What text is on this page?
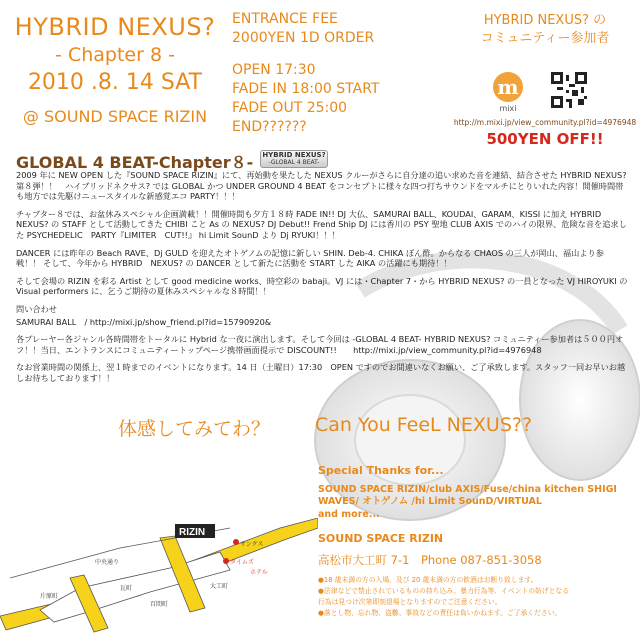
HYBRID NEXUS?
- Chapter 8 -
2010 .8. 14 SAT
@ SOUND SPACE RIZIN
ENTRANCE FEE
2000YEN 1D ORDER
OPEN 17:30
FADE IN 18:00 START
FADE OUT 25:00 END??????
HYBRID NEXUS? の
コミュニティー参加者
m
mixi
http://m.mixi.jp/view_community.pl?id=4976948
500YEN OFF!!
GLOBAL 4 BEAT-Chapter８- HYBRID NEXUS?
-GLOBAL 4 BEAT-

2009 年に NEW OPEN した『SOUND SPACE RIZIN』にて、再始動を果たした NEXUS クルーがさらに自分達の追い求めた音を連結、結合させた HYBRID NEXUS? 第８弾！！　ハイブリッドネクサス? では GLOBAL かつ UNDER GROUND 4 BEAT をコンセプトに様々な四つ打ちサウンドをマルチにとりいれた内容！開催時間帯も地方では先駆けニュースタイルな新感覚エコ PARTY！！！

チャプター８では、お盆休みスペシャル企画満載！！開催時間も夕方１８時 FADE IN!! DJ 大仏、SAMURAI BALL、KOUDAI、GARAM、KISSI に加え HYBRID NEXUS? の STAFF として活動してきた CHIBI こと As の NEXUS? DJ Debut!! Frend Ship DJ には香川の PSY 聖地 CLUB AXIS でのハイの限界、危険な音を追求した PSYCHEDELIC　PARTY『LIMITER　CUT!!』 hi Limit SounD より Dj RYUKI！！！

DANCER には昨年の Beach RAVE、Dj GULD を迎えたオトゲノムの記憶に新しい SHIN. Deb-4. CHIKA ぽん酢。からなる CHAOS の三人が岡山、福山より参戦！！ そして、今年から HYBRID　NEXUS? の DANCER として新たに活動を START した AIKA の活躍にも期待！！

そして会場の RIZIN を彩る Artist として good medicine works、時空彩の babaji。VJ には・Chapter 7・から HYBRID NEXUS? の一員となった VJ HIROYUKI の Visual performers に、乞うご期待の夏休みスペシャルな８時間！！

問い合わせ

SAMURAI BALL　/ http://mixi.jp/show_friend.pl?id=15790920&

各プレーヤー各ジャンル各時間帯をトータルに Hybrid な一夜に演出します。そして今回は -GLOBAL 4 BEAT- HYBRID NEXUS? コミュニティー参加者は５００円オフ！！当日、エントランスにコミュニティートップページ携帯画面提示で DISCOUNT!!　　http://mixi.jp/view_community.pl?id=4976948

なお営業時間の関係上、翌１時までのイベントになります。14 日（土曜日）17:30　OPEN ですのでお間違いなくお願い、ご了承致します。スタッフ一同お早いお越しお待ちしております！！

体感してみてわ？ Can You FeeL NEXUS??
Special Thanks for...
SOUND SPACE RIZIN/club AXIS/Fuse/china kitchen SHIGI
WAVES/ オトゲノム /hi Limit SounD/VIRTUAL
and more...
SOUND SPACE RIZIN
高松市大工町 7-1　Phone 087-851-3058
●18 歳未満の方の入場、及び 20 歳未満の方の飲酒はお断り致します。
●法律などで禁止されているものの持ち込み、暴力行為等、イベントの妨げとなる
行為は見つけ次第即刻退場となりますのでご注意ください。
●落とし物、忘れ物、盗難、事故などの責任は負いかねます。ご了承ください。
RIZIN
中央通り
瓦町
片原町
百間町
大工町
サンクス
タイムズ
ホテル
